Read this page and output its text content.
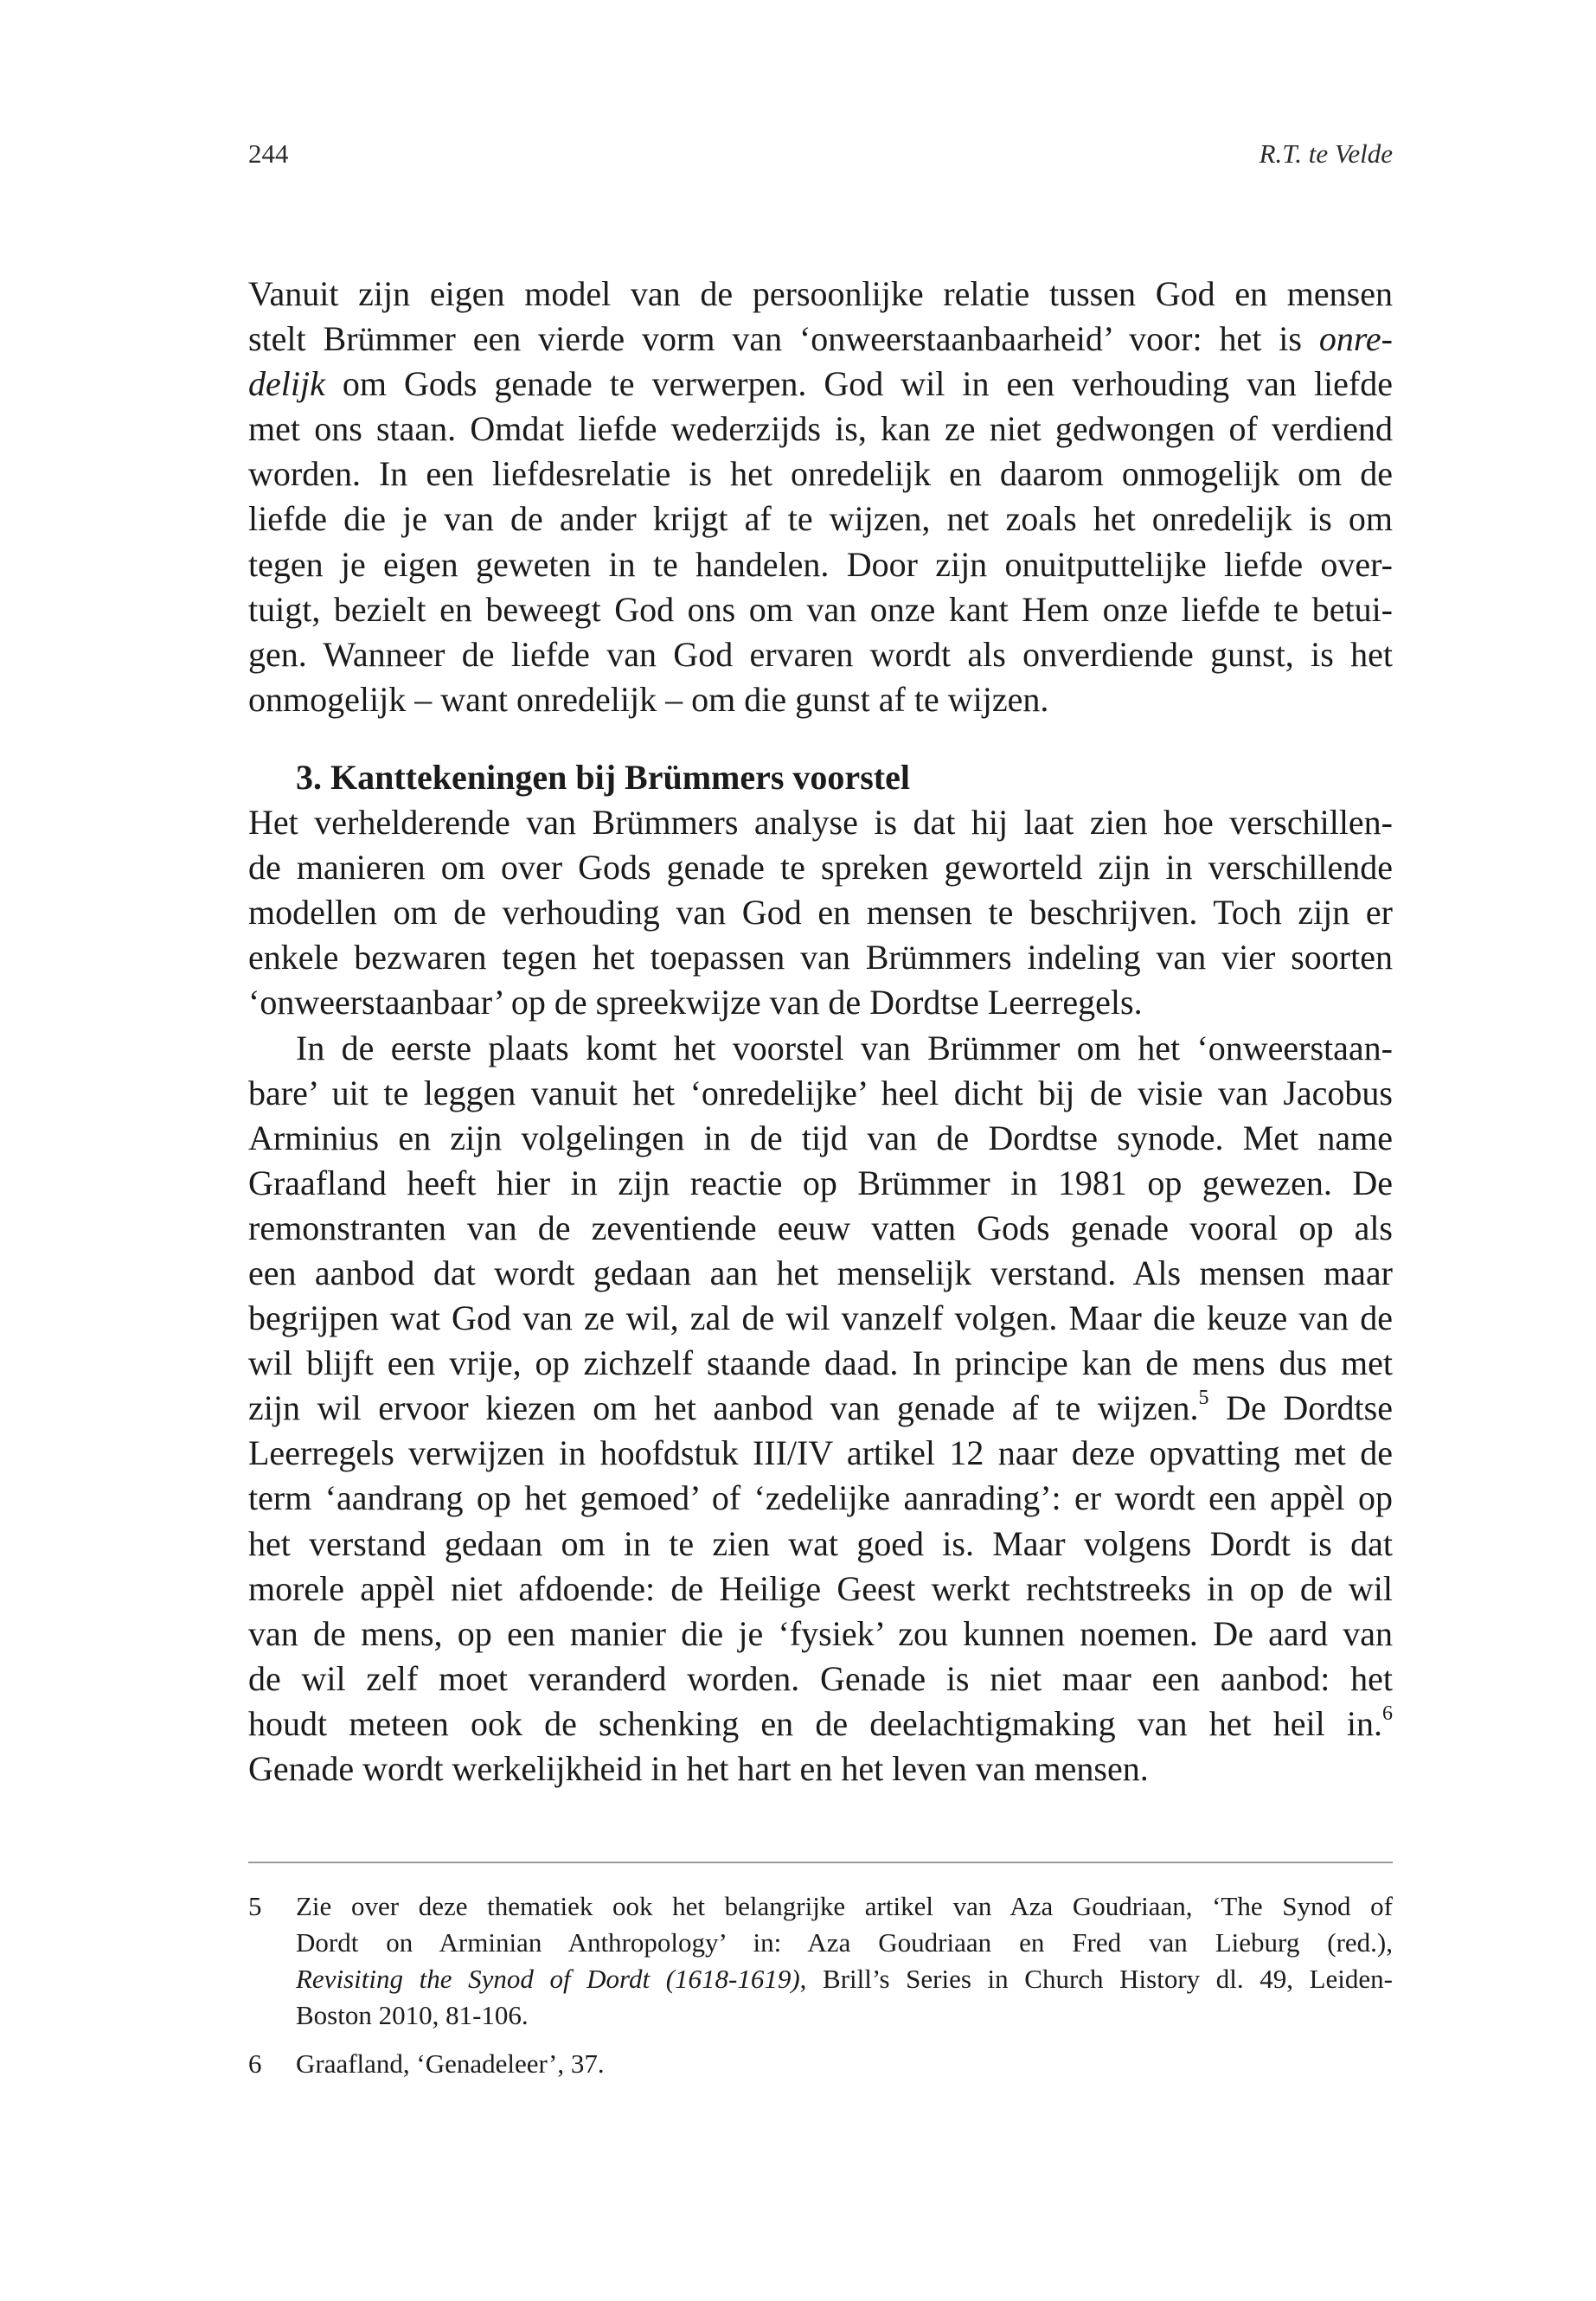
244	R.T. te Velde
Vanuit zijn eigen model van de persoonlijke relatie tussen God en mensen
stelt Brümmer een vierde vorm van ‘onweerstaanbaarheid’ voor: het is onre-
delijk om Gods genade te verwerpen. God wil in een verhouding van liefde
met ons staan. Omdat liefde wederzijds is, kan ze niet gedwongen of verdiend
worden. In een liefdesrelatie is het onredelijk en daarom onmogelijk om de
liefde die je van de ander krijgt af te wijzen, net zoals het onredelijk is om
tegen je eigen geweten in te handelen. Door zijn onuitputtelijke liefde over-
tuigt, bezielt en beweegt God ons om van onze kant Hem onze liefde te betui-
gen. Wanneer de liefde van God ervaren wordt als onverdiende gunst, is het
onmogelijk – want onredelijk – om die gunst af te wijzen.
3. Kanttekeningen bij Brümmers voorstel
Het verhelderende van Brümmers analyse is dat hij laat zien hoe verschillen-
de manieren om over Gods genade te spreken geworteld zijn in verschillende
modellen om de verhouding van God en mensen te beschrijven. Toch zijn er
enkele bezwaren tegen het toepassen van Brümmers indeling van vier soorten
‘onweerstaanbaar’ op de spreekwijze van de Dordtse Leerregels.
In de eerste plaats komt het voorstel van Brümmer om het ‘onweerstaan-
bare’ uit te leggen vanuit het ‘onredelijke’ heel dicht bij de visie van Jacobus
Arminius en zijn volgelingen in de tijd van de Dordtse synode. Met name
Graafland heeft hier in zijn reactie op Brümmer in 1981 op gewezen. De
remonstranten van de zeventiende eeuw vatten Gods genade vooral op als
een aanbod dat wordt gedaan aan het menselijk verstand. Als mensen maar
begrijpen wat God van ze wil, zal de wil vanzelf volgen. Maar die keuze van de
wil blijft een vrije, op zichzelf staande daad. In principe kan de mens dus met
zijn wil ervoor kiezen om het aanbod van genade af te wijzen.$^5$ De Dordtse
Leerregels verwijzen in hoofdstuk III/IV artikel 12 naar deze opvatting met de
term ‘aandrang op het gemoed’ of ‘zedelijke aanrading’: er wordt een appèl op
het verstand gedaan om in te zien wat goed is. Maar volgens Dordt is dat
morele appèl niet afdoende: de Heilige Geest werkt rechtstreeks in op de wil
van de mens, op een manier die je ‘fysiek’ zou kunnen noemen. De aard van
de wil zelf moet veranderd worden. Genade is niet maar een aanbod: het
houdt meteen ook de schenking en de deelachtigmaking van het heil in.$^6$
Genade wordt werkelijkheid in het hart en het leven van mensen.
5 Zie over deze thematiek ook het belangrijke artikel van Aza Goudriaan, ‘The Synod of
Dordt on Arminian Anthropology’ in: Aza Goudriaan en Fred van Lieburg (red.),
Revisiting the Synod of Dordt (1618-1619), Brill’s Series in Church History dl. 49, Leiden-
Boston 2010, 81-106.
6 Graafland, ‘Genadeleer’, 37.
